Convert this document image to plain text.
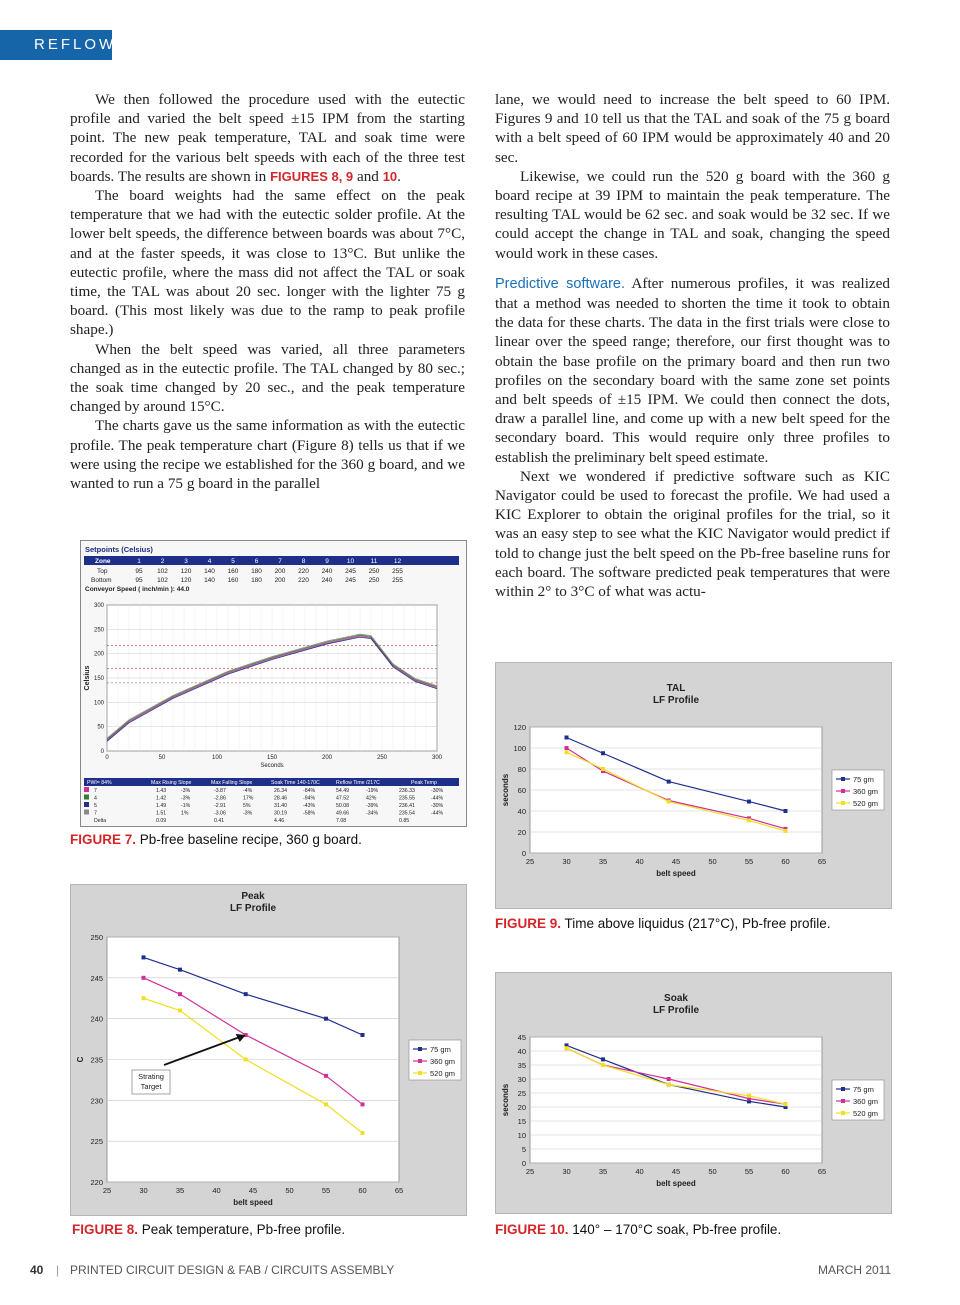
REFLOW

We then followed the procedure used with the eutectic profile and varied the belt speed ±15 IPM from the starting point. The new peak temperature, TAL and soak time were recorded for the various belt speeds with each of the three test boards. The results are shown in FIGURES 8, 9 and 10.

The board weights had the same effect on the peak temperature that we had with the eutectic solder profile. At the lower belt speeds, the difference between boards was about 7°C, and at the faster speeds, it was close to 13°C. But unlike the eutectic profile, where the mass did not affect the TAL or soak time, the TAL was about 20 sec. longer with the lighter 75 g board. (This most likely was due to the ramp to peak profile shape.)

When the belt speed was varied, all three parameters changed as in the eutectic profile. The TAL changed by 80 sec.; the soak time changed by 20 sec., and the peak temperature changed by around 15°C.

The charts gave us the same information as with the eutectic profile. The peak temperature chart (Figure 8) tells us that if we were using the recipe we established for the 360 g board, and we wanted to run a 75 g board in the parallel

lane, we would need to increase the belt speed to 60 IPM. Figures 9 and 10 tell us that the TAL and soak of the 75 g board with a belt speed of 60 IPM would be approximately 40 and 20 sec.

Likewise, we could run the 520 g board with the 360 g board recipe at 39 IPM to maintain the peak temperature. The resulting TAL would be 62 sec. and soak would be 32 sec. If we could accept the change in TAL and soak, changing the speed would work in these cases.

Predictive software. After numerous profiles, it was realized that a method was needed to shorten the time it took to obtain the data for these charts. The data in the first trials were close to linear over the speed range; therefore, our first thought was to obtain the base profile on the primary board and then run two profiles on the secondary board with the same zone set points and belt speeds of ±15 IPM. We could then connect the dots, draw a parallel line, and come up with a new belt speed for the secondary board. This would require only three profiles to establish the preliminary belt speed estimate.

Next we wondered if predictive software such as KIC Navigator could be used to forecast the profile. We had used a KIC Explorer to obtain the original profiles for the trial, so it was an easy step to see what the KIC Navigator would predict if told to change just the belt speed on the Pb-free baseline runs for each board. The software predicted peak temperatures that were within 2° to 3°C of what was actu-

Setpoints (Celsius)
Zone	1	2	3	4	5	6	7	8	9	10	11	12
Top	95 102 120 140 160 180 200 220 240 245 250 255
Bottom	95 102 120 140 160 180 200 220 240 245 250 255
Conveyor Speed ( inch/min ): 44.0
0
50
100
150
200
250
300
0	50	100	150	200	250	300
Seconds
Celsius
PWI= 84%	Max Rising Slope	Max Falling Slope	Soak Time 140-170C	Reflow Time /217C	Peak Temp
7	1.43	-3%	-3.87	-4%	26.34	-84%	54.49	-19%	236.33	-30%
4	1.42	-3%	-2.86	17%	28.46	-94%	47.52	42%	235.55	-44%
5	1.49	-1%	-2.91	5%	31.40	-43%	50.08	-39%	236.41	-30%
7	1.51	1%	-3.06	-3%	30.19	-58%	49.66	-34%	235.54	-44%
Delta	0.09	0.41	4.46	7.08	0.85
FIGURE 7. Pb-free baseline recipe, 360 g board.
Peak
LF Profile
220
225
230
235
240
245
250
25	30	35	40	45	50	55	60	65
belt speed
C
75 gm
360 gm
520 gm
Strating
Target
FIGURE 8. Peak temperature, Pb-free profile.
TAL
LF Profile
0
20
40
60
80
100
120
25	30	35	40	45	50	55	60	65
belt speed
seconds	75 gm
360 gm
520 gm
FIGURE 9. Time above liquidus (217°C), Pb-free profile.
Soak
LF Profile
0
5
10
15
20
25
30
35
40
45
25	30	35	40	45	50	55	60	65
belt speed
seconds	75 gm
360 gm
520 gm
FIGURE 10. 140° – 170°C soak, Pb-free profile.
40 | PRINTED CIRCUIT DESIGN & FAB / CIRCUITS ASSEMBLY	MARCH 2011
